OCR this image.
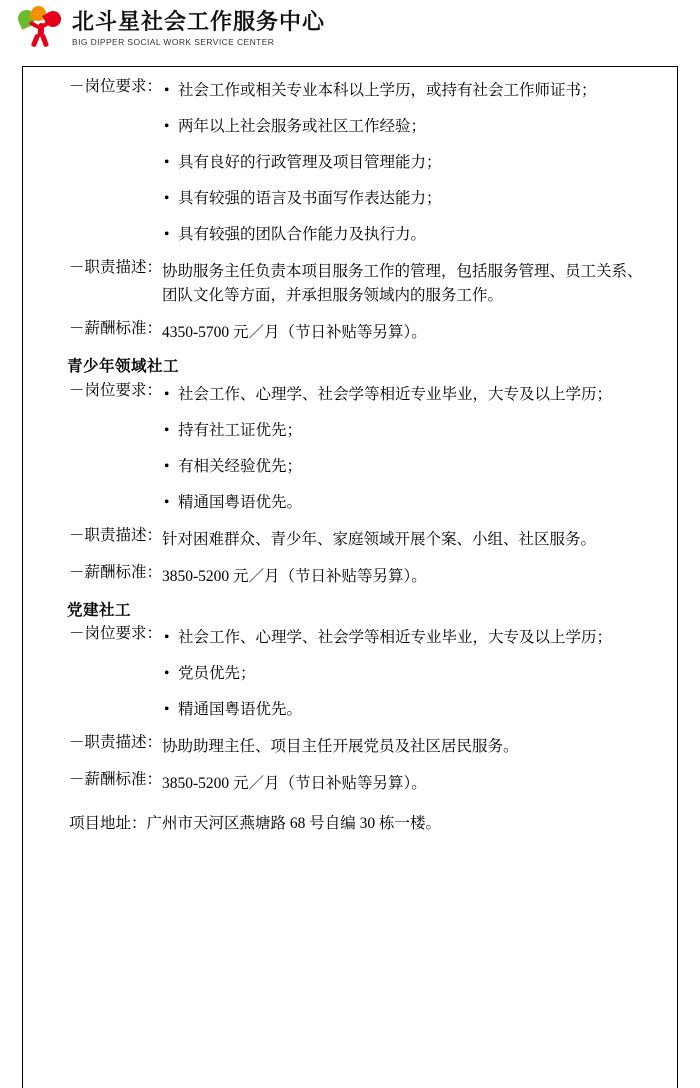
北斗星社会工作服务中心
BIG DIPPER SOCIAL WORK SERVICE CENTER
－岗位要求：	• 社会工作或相关专业本科以上学历，或持有社会工作师证书；
• 两年以上社会服务或社区工作经验；
• 具有良好的行政管理及项目管理能力；
• 具有较强的语言及书面写作表达能力；
• 具有较强的团队合作能力及执行力。
－职责描述： 协助服务主任负责本项目服务工作的管理，包括服务管理、员工关系、团队文化等方面，并承担服务领域内的服务工作。
－薪酬标准： 4350-5700 元／月（节日补贴等另算）。
青少年领域社工
－岗位要求：	• 社会工作、心理学、社会学等相近专业毕业，大专及以上学历；
• 持有社工证优先；
• 有相关经验优先；
• 精通国粤语优先。
－职责描述： 针对困难群众、青少年、家庭领域开展个案、小组、社区服务。
－薪酬标准： 3850-5200 元／月（节日补贴等另算）。
党建社工
－岗位要求：	• 社会工作、心理学、社会学等相近专业毕业，大专及以上学历；
• 党员优先；
• 精通国粤语优先。
－职责描述： 协助助理主任、项目主任开展党员及社区居民服务。
－薪酬标准： 3850-5200 元／月（节日补贴等另算）。
项目地址：广州市天河区燕塘路 68 号自编 30 栋一楼。
